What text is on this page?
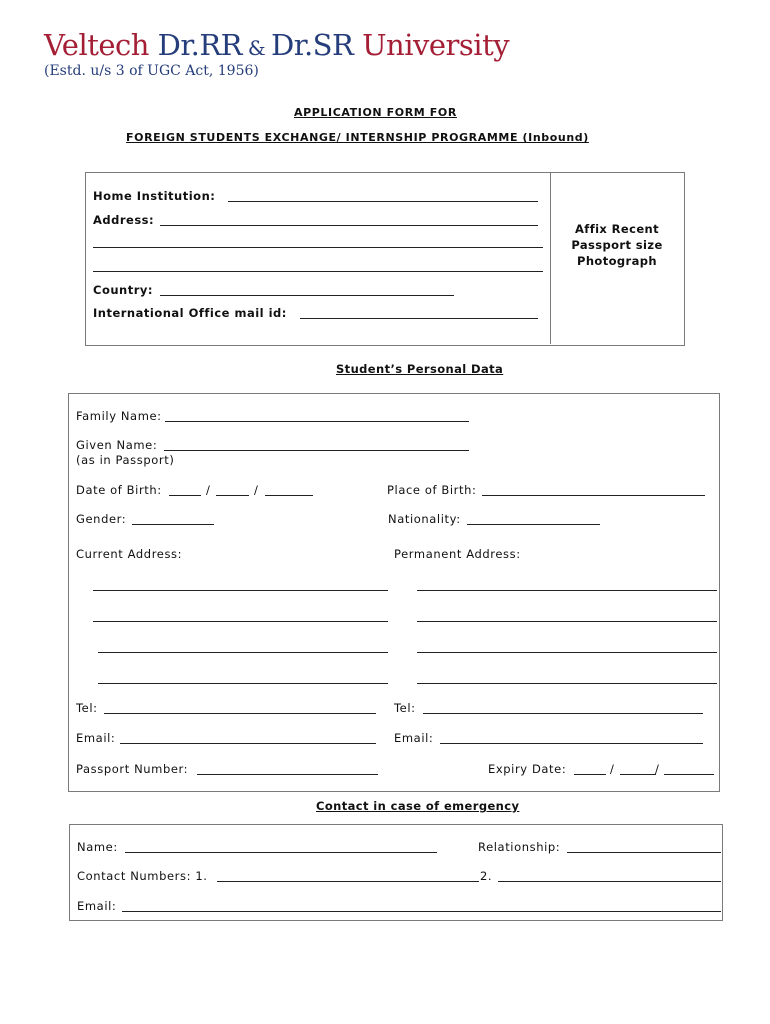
Veltech Dr.RR & Dr.SR University
(Estd. u/s 3 of UGC Act, 1956)
APPLICATION FORM FOR
FOREIGN STUDENTS EXCHANGE/ INTERNSHIP PROGRAMME (Inbound)
Home Institution:
Address:
Country:
International Office mail id:
Affix Recent
Passport size
Photograph
Student’s Personal Data
Family Name:
Given Name:
(as in Passport)
Date of Birth:	/	/	Place of Birth:
Gender:	Nationality:
Current Address:	Permanent Address:
Tel:	Tel:
Email:	Email:
Passport Number:	Expiry Date:	/	/
Contact in case of emergency
Name:	Relationship:
Contact Numbers: 1.	2.
Email:
